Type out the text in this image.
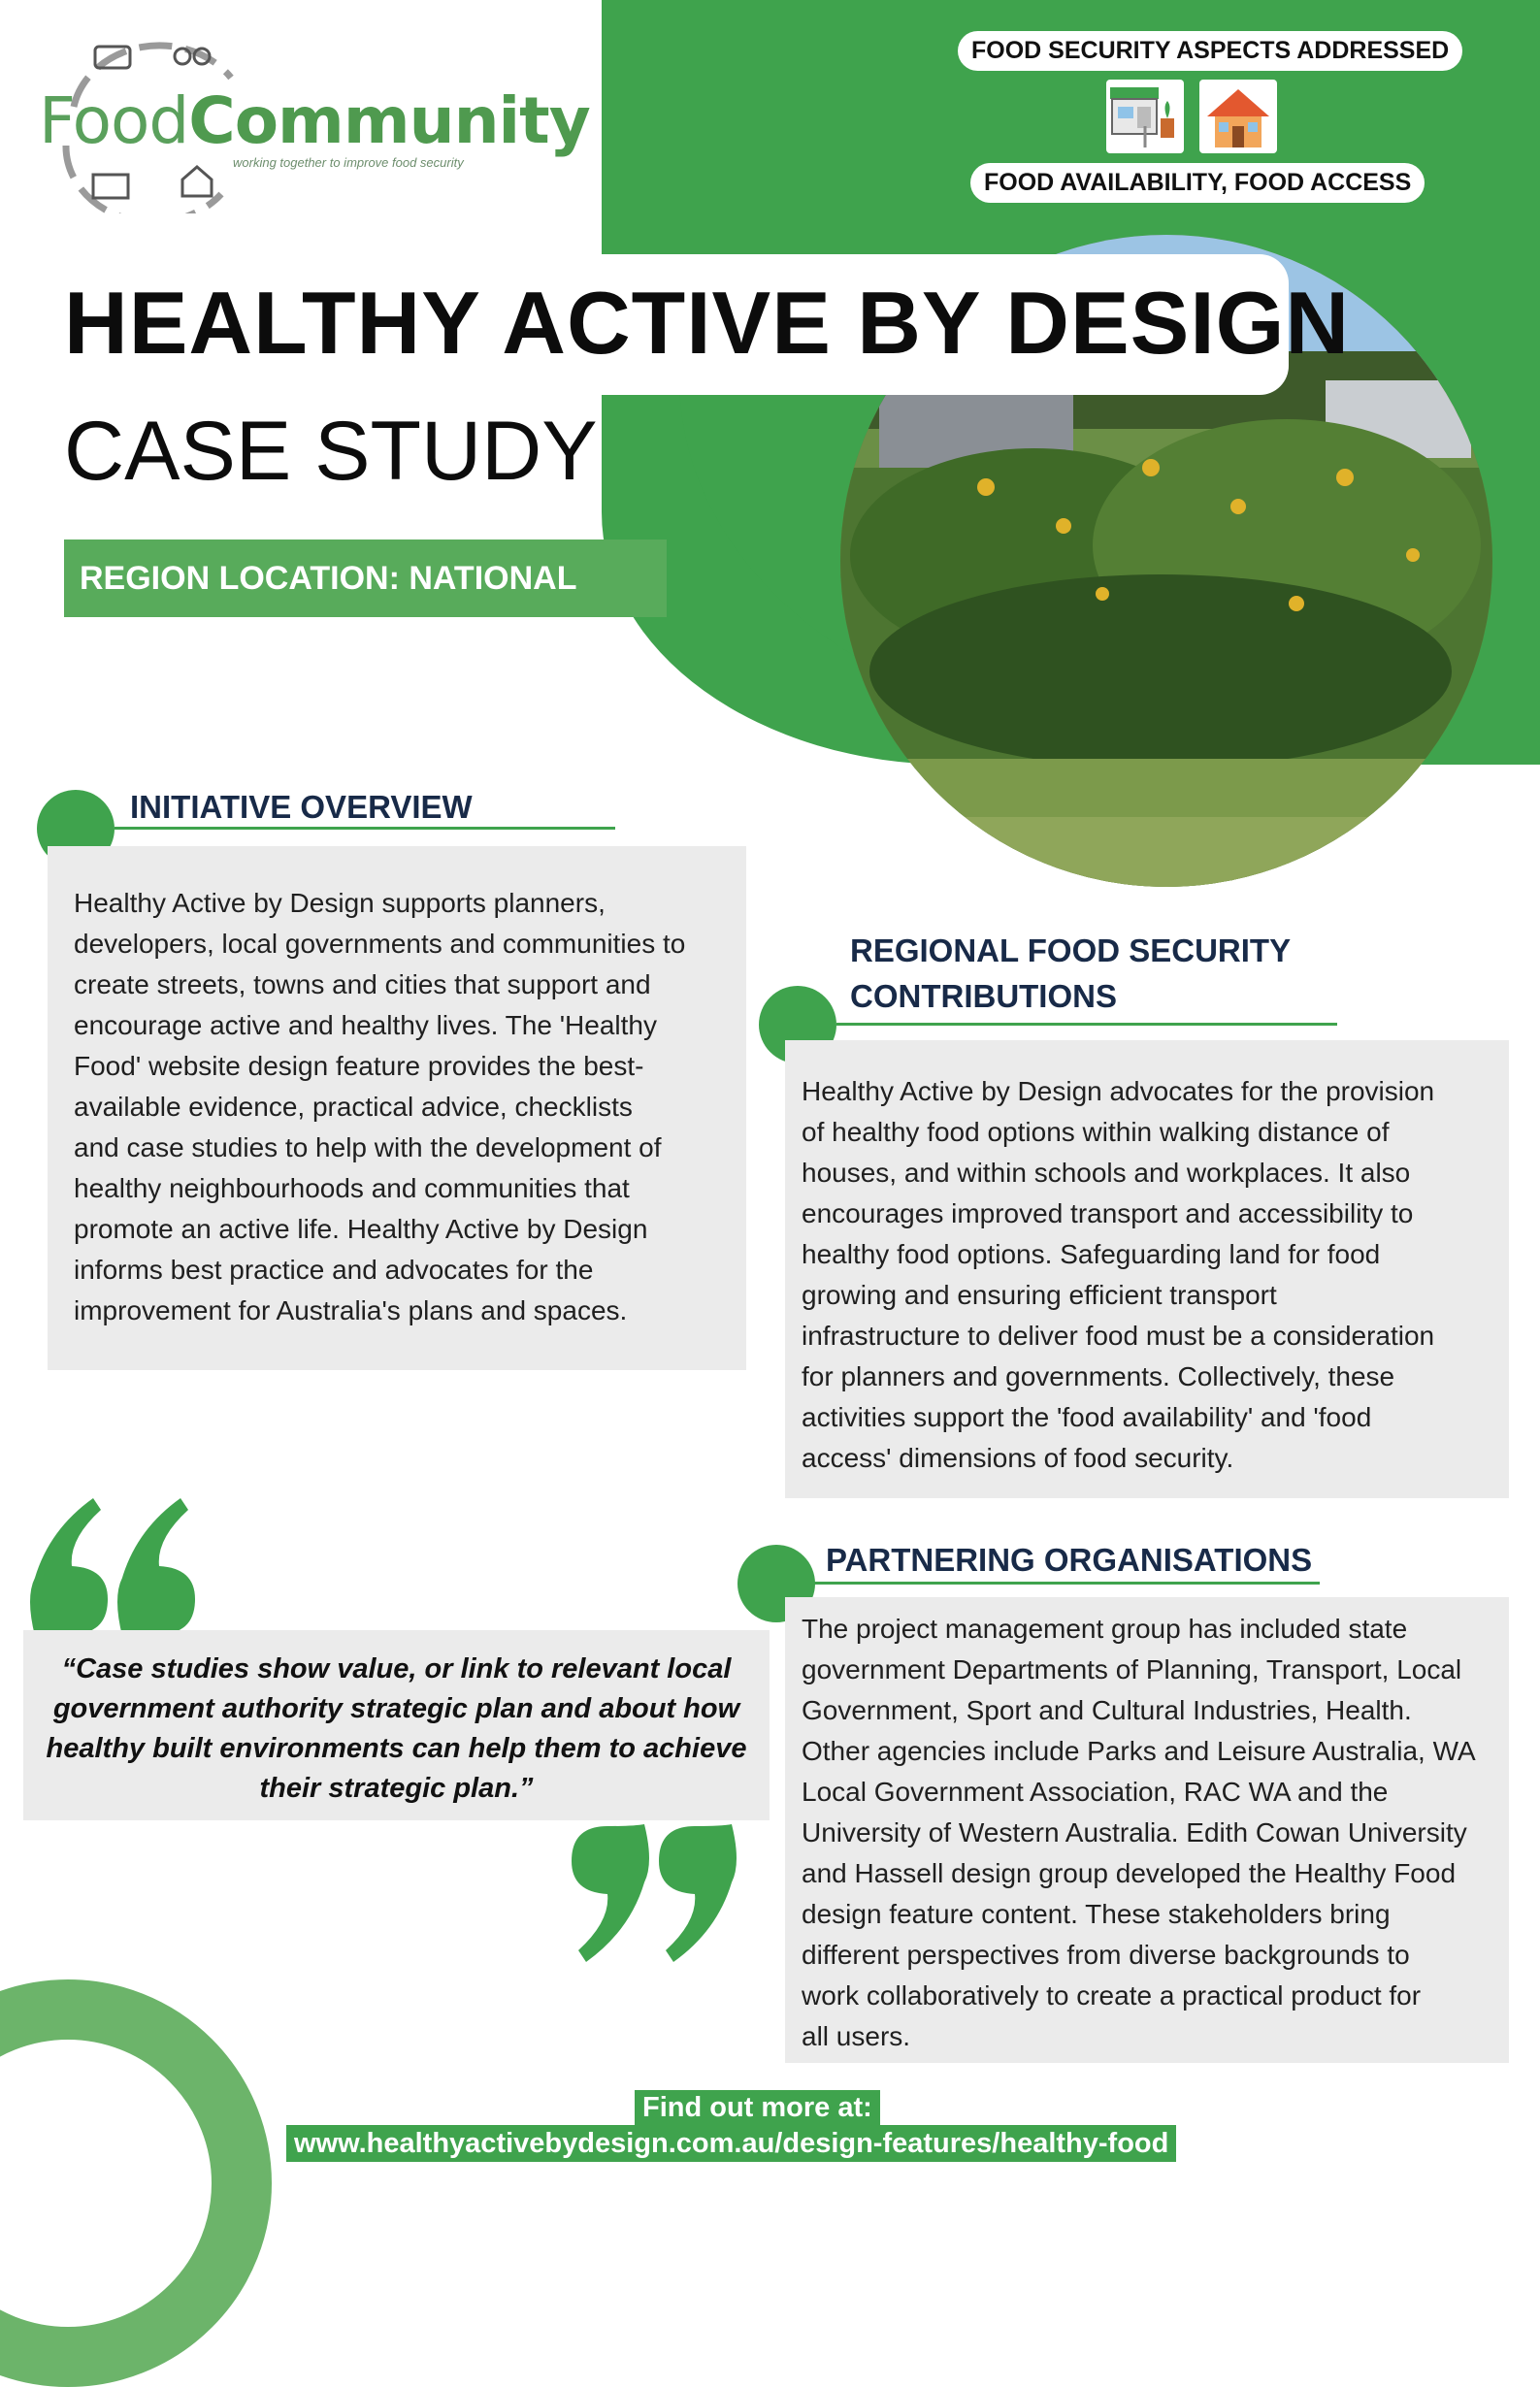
FoodCommunity
working together to improve food security
FOOD SECURITY ASPECTS ADDRESSED
FOOD AVAILABILITY, FOOD ACCESS
HEALTHY ACTIVE BY DESIGN
CASE STUDY
REGION LOCATION: NATIONAL
INITIATIVE OVERVIEW
Healthy Active by Design supports planners,
developers, local governments and communities to
create streets, towns and cities that support and
encourage active and healthy lives. The 'Healthy
Food' website design feature provides the best-
available evidence, practical advice, checklists
and case studies to help with the development of
healthy neighbourhoods and communities that
promote an active life. Healthy Active by Design
informs best practice and advocates for the
improvement for Australia's plans and spaces.
REGIONAL FOOD SECURITY
CONTRIBUTIONS
Healthy Active by Design advocates for the provision
of healthy food options within walking distance of
houses, and within schools and workplaces. It also
encourages improved transport and accessibility to
healthy food options. Safeguarding land for food
growing and ensuring efficient transport
infrastructure to deliver food must be a consideration
for planners and governments. Collectively, these
activities support the 'food availability' and 'food
access' dimensions of food security.
“Case studies show value, or link to relevant local
government authority strategic plan and about how
healthy built environments can help them to achieve
their strategic plan.”
PARTNERING ORGANISATIONS
The project management group has included state
government Departments of Planning, Transport, Local
Government, Sport and Cultural Industries, Health.
Other agencies include Parks and Leisure Australia, WA
Local Government Association, RAC WA and the
University of Western Australia. Edith Cowan University
and Hassell design group developed the Healthy Food
design feature content. These stakeholders bring
different perspectives from diverse backgrounds to
work collaboratively to create a practical product for
all users.
Find out more at:
www.healthyactivebydesign.com.au/design-features/healthy-food
